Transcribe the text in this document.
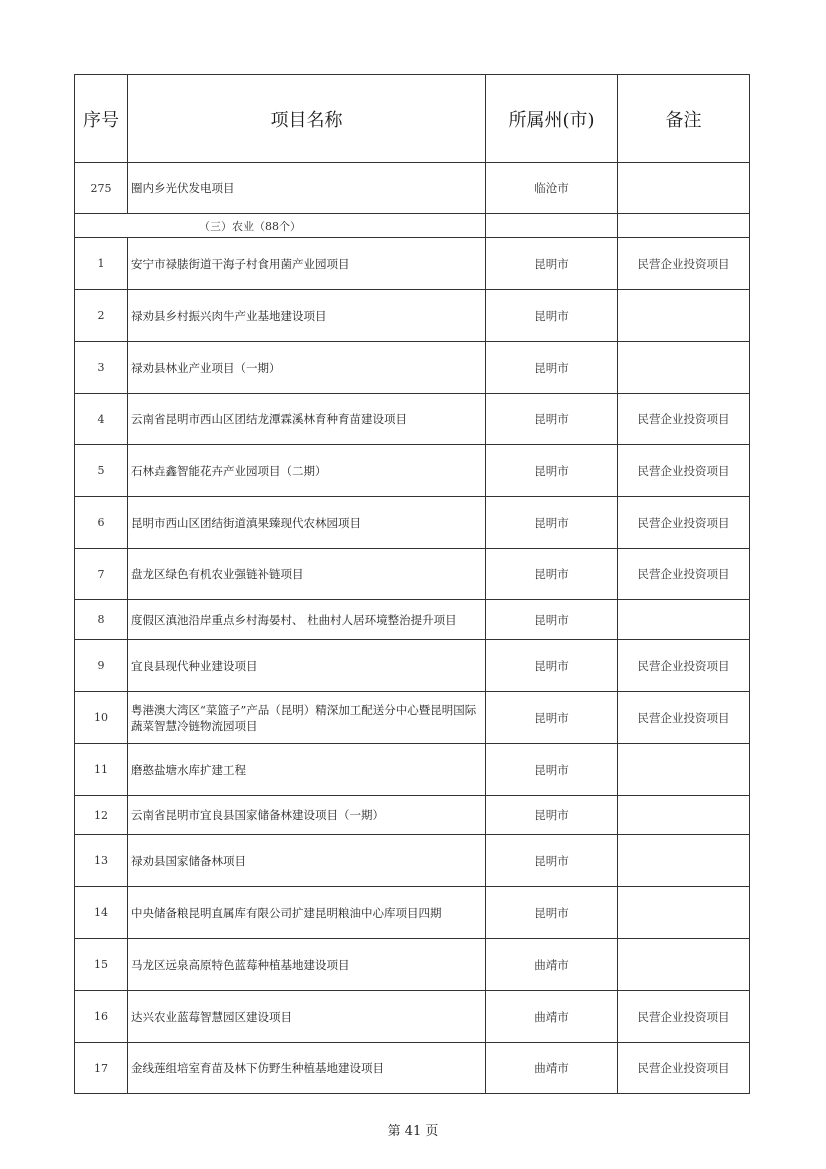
序号	项目名称	所属州(市)	备注
275	圈内乡光伏发电项目	临沧市	
（三）农业（88个）			
1	安宁市禄脿街道干海子村食用菌产业园项目	昆明市	民营企业投资项目
2	禄劝县乡村振兴肉牛产业基地建设项目	昆明市	
3	禄劝县林业产业项目（一期）	昆明市	
4	云南省昆明市西山区团结龙潭霖溪林育种育苗建设项目	昆明市	民营企业投资项目
5	石林垚鑫智能花卉产业园项目（二期）	昆明市	民营企业投资项目
6	昆明市西山区团结街道滇果臻现代农林园项目	昆明市	民营企业投资项目
7	盘龙区绿色有机农业强链补链项目	昆明市	民营企业投资项目
8	度假区滇池沿岸重点乡村海晏村、 杜曲村人居环境整治提升项目	昆明市	
9	宜良县现代种业建设项目	昆明市	民营企业投资项目
10	粤港澳大湾区“菜篮子”产品（昆明）精深加工配送分中心暨昆明国际蔬菜智慧冷链物流园项目	昆明市	民营企业投资项目
11	磨憨盐塘水库扩建工程	昆明市	
12	云南省昆明市宜良县国家储备林建设项目（一期）	昆明市	
13	禄劝县国家储备林项目	昆明市	
14	中央储备粮昆明直属库有限公司扩建昆明粮油中心库项目四期	昆明市	
15	马龙区远泉高原特色蓝莓种植基地建设项目	曲靖市	
16	达兴农业蓝莓智慧园区建设项目	曲靖市	民营企业投资项目
17	金线莲组培室育苗及林下仿野生种植基地建设项目	曲靖市	民营企业投资项目
第 41 页
